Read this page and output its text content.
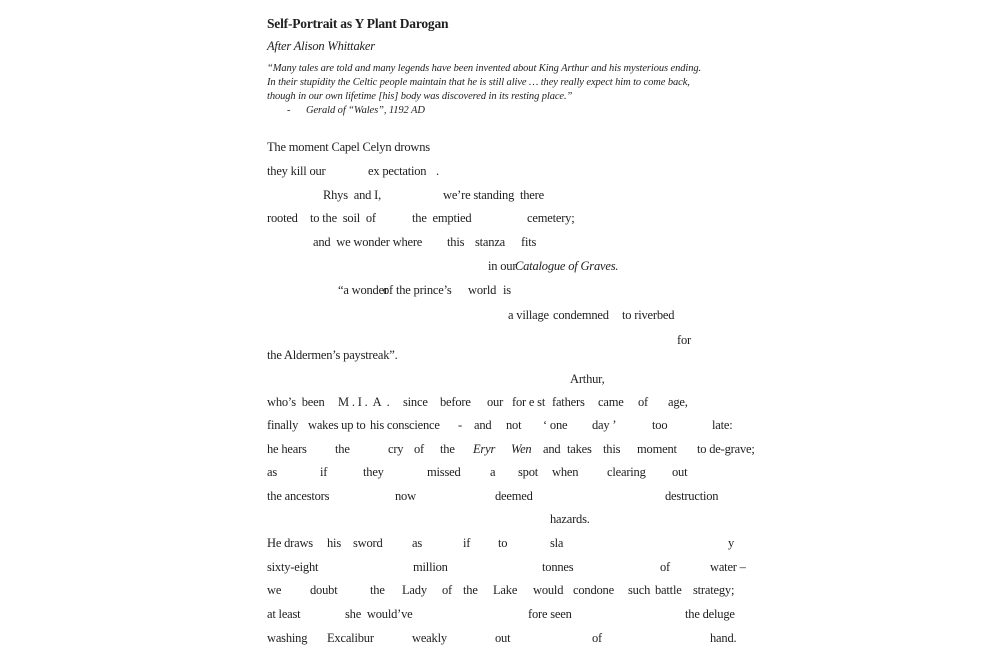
Self-Portrait as Y Plant Darogan
After Alison Whittaker
“Many tales are told and many legends have been invented about King Arthur and his mysterious ending.
In their stupidity the Celtic people maintain that he is still alive … they really expect him to come back,
though in our own lifetime [his] body was discovered in its resting place.”
- Gerald of “Wales”, 1192 AD
The moment Capel Celyn drowns
they kill our	ex pectation .
Rhys  and I,	we’re standing  there
rooted to the  soil  of	the  emptied	cemetery;
and  we wonder where this stanza fits
in our
Catalogue of Graves.
“a wonder
of the prince’s world is
a village condemned to riverbed
for
the Aldermen’s paystreak”.
Arthur,
who’s  been M . I .  A  . since before our for e st fathers came of age,
finally wakes up to his conscience - and not ‘ one day ’	too	late:
he hears the	cry of the Eryr Wen and takes this moment to de-grave;
as	if	they	missed a spot when clearing out
the ancestors	now	deemed	destruction
hazards.
He draws his sword as	if to	sla	y
sixty-eight	million	tonnes	of	water –
we doubt	the Lady of the Lake would condone such battle strategy;
at least	she  would’ve	fore seen	the deluge
washing Excalibur	weakly	out	of	hand.
